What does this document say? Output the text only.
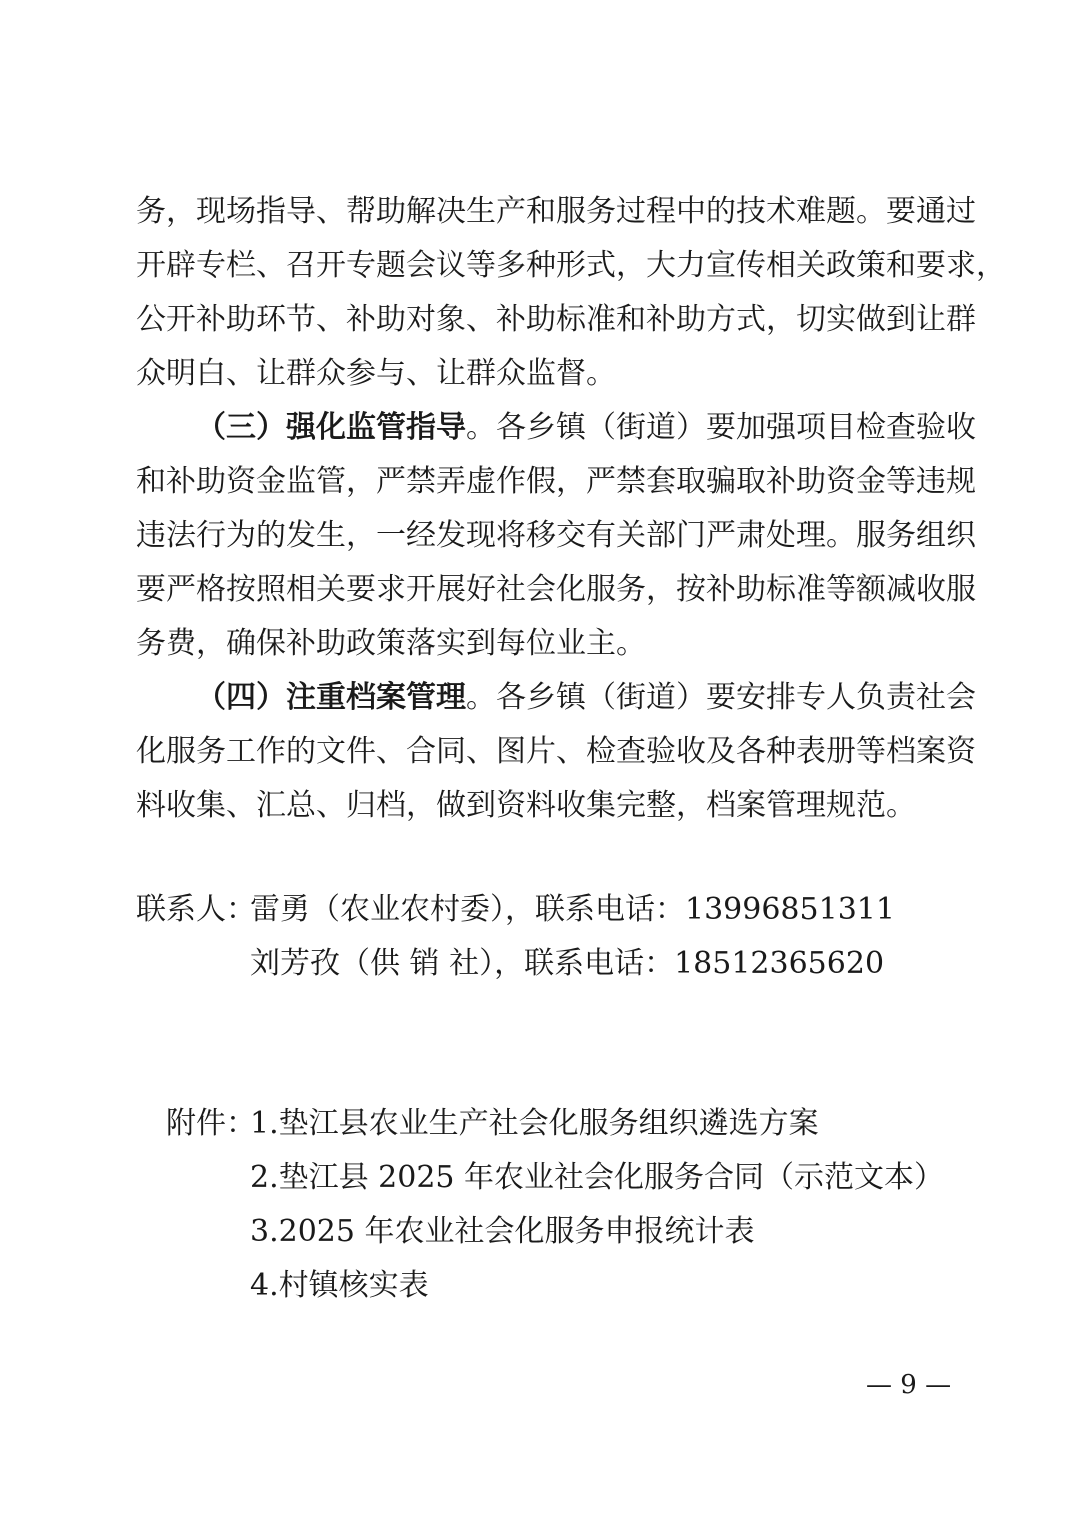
务，现场指导、帮助解决生产和服务过程中的技术难题。要通过
开辟专栏、召开专题会议等多种形式，大力宣传相关政策和要求，
公开补助环节、补助对象、补助标准和补助方式，切实做到让群
众明白、让群众参与、让群众监督。
（三）强化监管指导。各乡镇（街道）要加强项目检查验收
和补助资金监管，严禁弄虚作假，严禁套取骗取补助资金等违规
违法行为的发生，一经发现将移交有关部门严肃处理。服务组织
要严格按照相关要求开展好社会化服务，按补助标准等额减收服
务费，确保补助政策落实到每位业主。
（四）注重档案管理。各乡镇（街道）要安排专人负责社会
化服务工作的文件、合同、图片、检查验收及各种表册等档案资
料收集、汇总、归档，做到资料收集完整，档案管理规范。
联系人：
雷勇（农业农村委），联系电话：13996851311
刘芳孜（供 销 社），联系电话：18512365620
附件：
1.垫江县农业生产社会化服务组织遴选方案
2.垫江县 2025 年农业社会化服务合同（示范文本）
3.2025 年农业社会化服务申报统计表
4.村镇核实表
— 9 —
